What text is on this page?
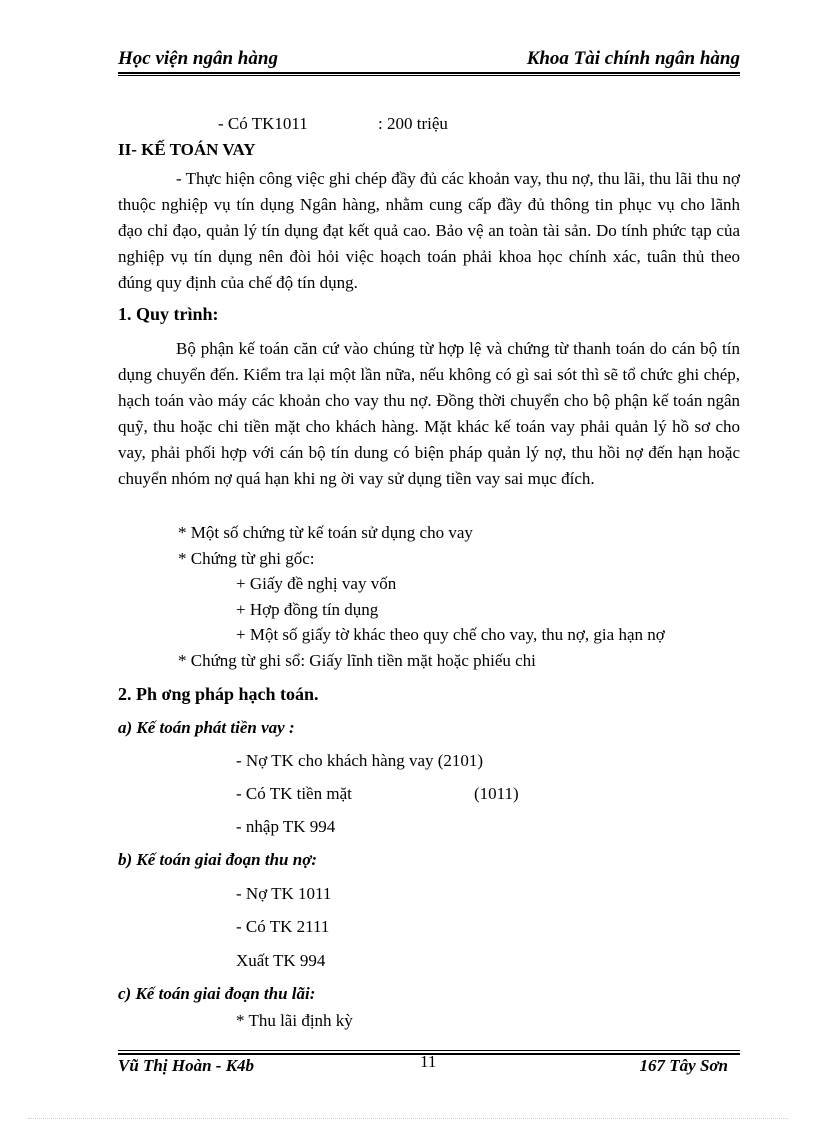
Học viện ngân hàng	Khoa Tài chính ngân hàng
- Có TK1011	: 200 triệu
II- KẾ TOÁN VAY

- Thực hiện công việc ghi chép đầy đủ các khoản vay, thu nợ, thu lãi, thu lãi thu nợ thuộc nghiệp vụ tín dụng Ngân hàng, nhằm cung cấp đầy đủ thông tin phục vụ cho lãnh đạo chỉ đạo, quản lý tín dụng đạt kết quả cao. Bảo vệ an toàn tài sản. Do tính phức tạp của nghiệp vụ tín dụng nên đòi hỏi việc hoạch toán phải khoa học chính xác, tuân thủ theo đúng quy định của chế độ tín dụng.

1. Quy trình:

Bộ phận kế toán căn cứ vào chúng từ hợp lệ và chứng từ thanh toán do cán bộ tín dụng chuyển đến. Kiểm tra lại một lần nữa, nếu không có gì sai sót thì sẽ tổ chức ghi chép, hạch toán vào máy các khoản cho vay thu nợ. Đồng thời chuyển cho bộ phận kế toán ngân quỹ, thu hoặc chi tiền mặt cho khách hàng. Mặt khác kế toán vay phải quản lý hồ sơ cho vay, phải phối hợp với cán bộ tín dung có biện pháp quản lý nợ, thu hồi nợ đến hạn hoặc chuyển nhóm nợ quá hạn khi ng ời vay sử dụng tiền vay sai mục đích.

* Một số chứng từ kế toán sử dụng cho vay
* Chứng từ ghi gốc:
+ Giấy đề nghị vay vốn
+ Hợp đồng tín dụng
+ Một số giấy tờ khác theo quy chế cho vay, thu nợ, gia hạn nợ
* Chứng từ ghi sổ: Giấy lĩnh tiền mặt hoặc phiếu chi
2. Ph ơng pháp hạch toán.
a) Kế toán phát tiền vay :
- Nợ TK cho khách hàng vay (2101)
- Có TK tiền mặt	(1011)
- nhập TK 994
b) Kế toán giai đoạn thu nợ:
- Nợ TK 1011
- Có TK 2111
Xuất TK 994
c) Kế toán giai đoạn thu lãi:
* Thu lãi định kỳ
Vũ Thị Hoàn - K4b	11	167 Tây Sơn
